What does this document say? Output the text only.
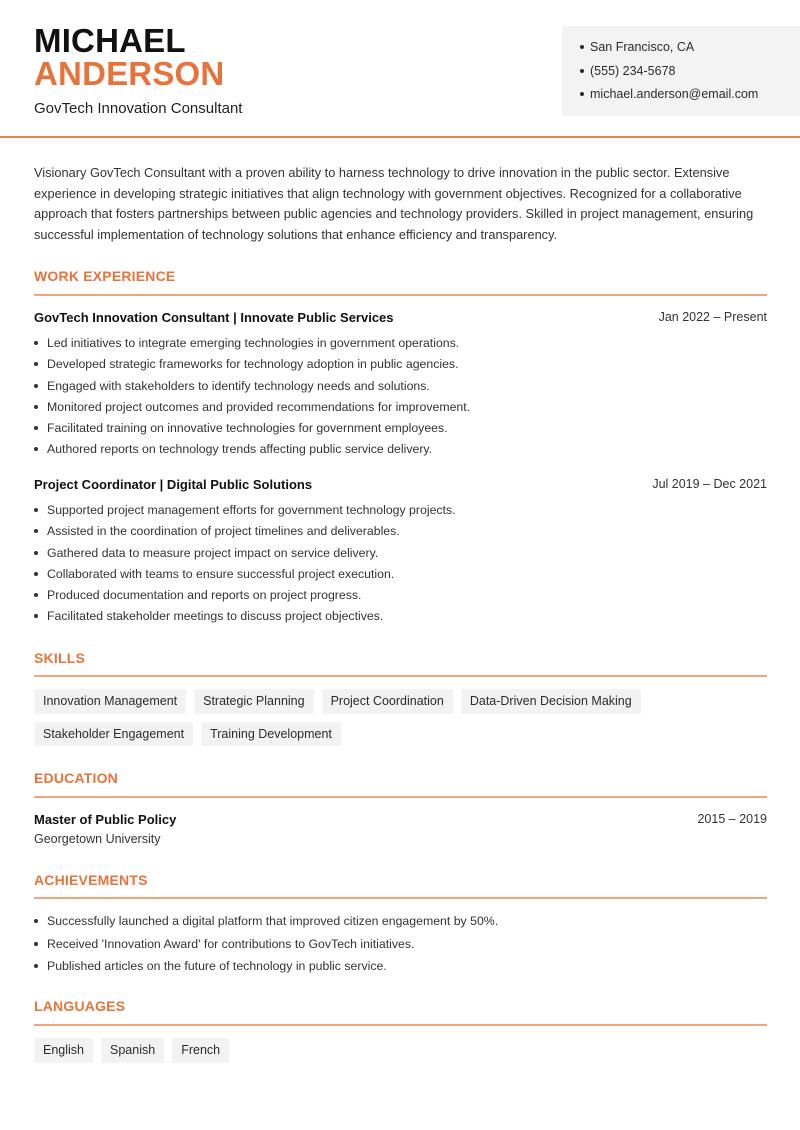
MICHAEL
ANDERSON
GovTech Innovation Consultant
San Francisco, CA
(555) 234-5678
michael.anderson@email.com

Visionary GovTech Consultant with a proven ability to harness technology to drive innovation in the public sector. Extensive experience in developing strategic initiatives that align technology with government objectives. Recognized for a collaborative approach that fosters partnerships between public agencies and technology providers. Skilled in project management, ensuring successful implementation of technology solutions that enhance efficiency and transparency.

WORK EXPERIENCE
GovTech Innovation Consultant | Innovate Public Services	Jan 2022 – Present
Led initiatives to integrate emerging technologies in government operations.
Developed strategic frameworks for technology adoption in public agencies.
Engaged with stakeholders to identify technology needs and solutions.
Monitored project outcomes and provided recommendations for improvement.
Facilitated training on innovative technologies for government employees.
Authored reports on technology trends affecting public service delivery.
Project Coordinator | Digital Public Solutions	Jul 2019 – Dec 2021
Supported project management efforts for government technology projects.
Assisted in the coordination of project timelines and deliverables.
Gathered data to measure project impact on service delivery.
Collaborated with teams to ensure successful project execution.
Produced documentation and reports on project progress.
Facilitated stakeholder meetings to discuss project objectives.
SKILLS
Innovation Management	Strategic Planning	Project Coordination	Data-Driven Decision Making
Stakeholder Engagement	Training Development
EDUCATION
Master of Public Policy	2015 – 2019
Georgetown University
ACHIEVEMENTS
Successfully launched a digital platform that improved citizen engagement by 50%.
Received 'Innovation Award' for contributions to GovTech initiatives.
Published articles on the future of technology in public service.
LANGUAGES
English	Spanish	French
